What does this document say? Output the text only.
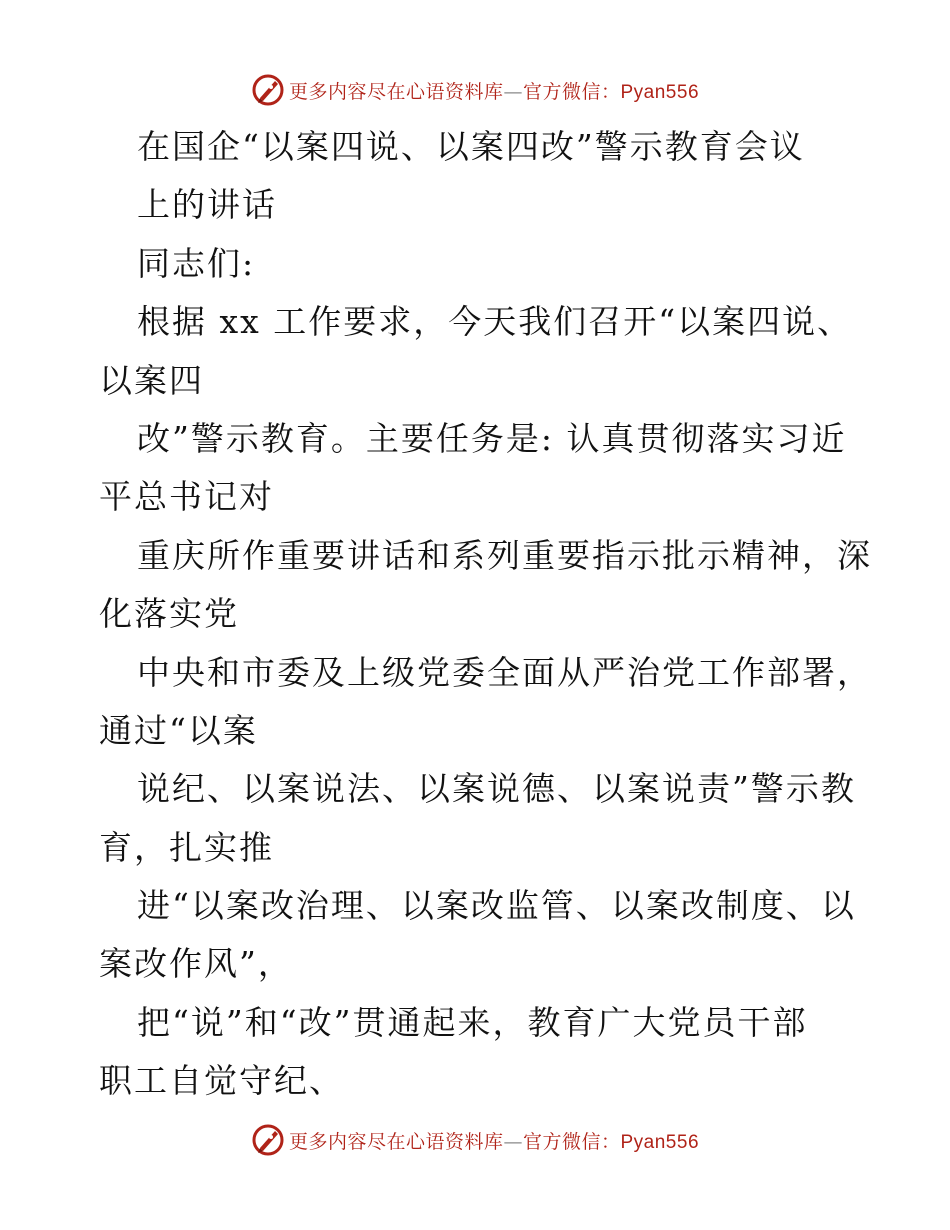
更多内容尽在心语资料库—官方微信：Pyan556
在国企“以案四说、以案四改”警示教育会议
上的讲话
同志们:
根据 xx 工作要求，今天我们召开“以案四说、
以案四
改”警示教育。主要任务是: 认真贯彻落实习近
平总书记对
重庆所作重要讲话和系列重要指示批示精神，深
化落实党
中央和市委及上级党委全面从严治党工作部署，
通过“以案
说纪、以案说法、以案说德、以案说责”警示教
育，扎实推
进“以案改治理、以案改监管、以案改制度、以
案改作风”，
把“说”和“改”贯通起来，教育广大党员干部
职工自觉守纪、
更多内容尽在心语资料库—官方微信：Pyan556
